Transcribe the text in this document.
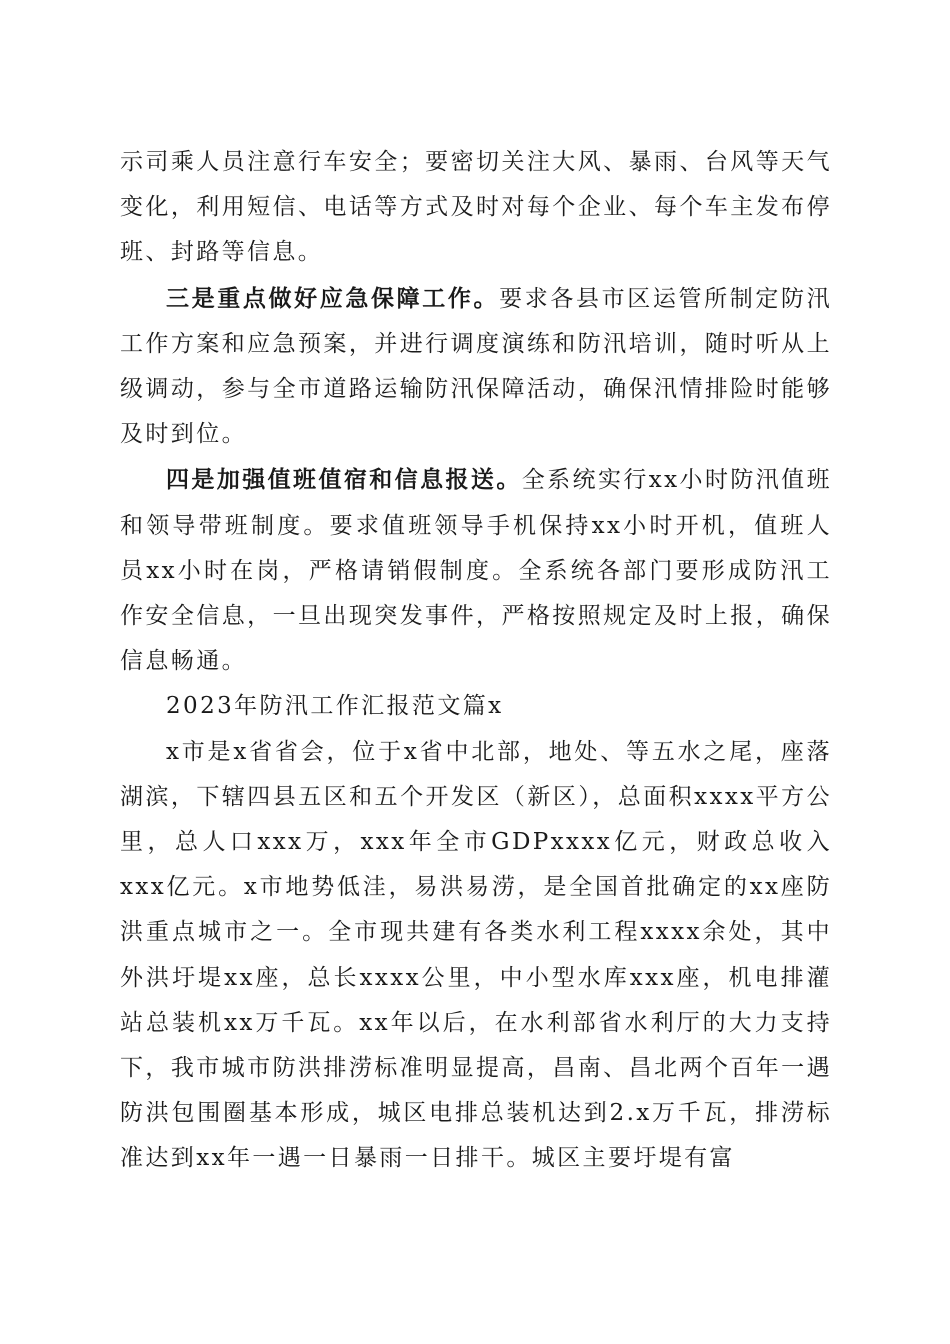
示司乘人员注意行车安全；要密切关注大风、暴雨、台风等天气变化，利用短信、电话等方式及时对每个企业、每个车主发布停班、封路等信息。

三是重点做好应急保障工作。要求各县市区运管所制定防汛工作方案和应急预案，并进行调度演练和防汛培训，随时听从上级调动，参与全市道路运输防汛保障活动，确保汛情排险时能够及时到位。

四是加强值班值宿和信息报送。全系统实行xx小时防汛值班和领导带班制度。要求值班领导手机保持xx小时开机，值班人员xx小时在岗，严格请销假制度。全系统各部门要形成防汛工作安全信息，一旦出现突发事件，严格按照规定及时上报，确保信息畅通。

2023年防汛工作汇报范文篇x

x市是x省省会，位于x省中北部，地处、等五水之尾，座落湖滨，下辖四县五区和五个开发区（新区），总面积xxxx平方公里，总人口xxx万，xxx年全市GDPxxxx亿元，财政总收入xxx亿元。x市地势低洼，易洪易涝，是全国首批确定的xx座防洪重点城市之一。全市现共建有各类水利工程xxxx余处，其中外洪圩堤xx座，总长xxxx公里，中小型水库xxx座，机电排灌站总装机xx万千瓦。xx年以后，在水利部省水利厅的大力支持下，我市城市防洪排涝标准明显提高，昌南、昌北两个百年一遇防洪包围圈基本形成，城区电排总装机达到2.x万千瓦，排涝标准达到xx年一遇一日暴雨一日排干。城区主要圩堤有富
